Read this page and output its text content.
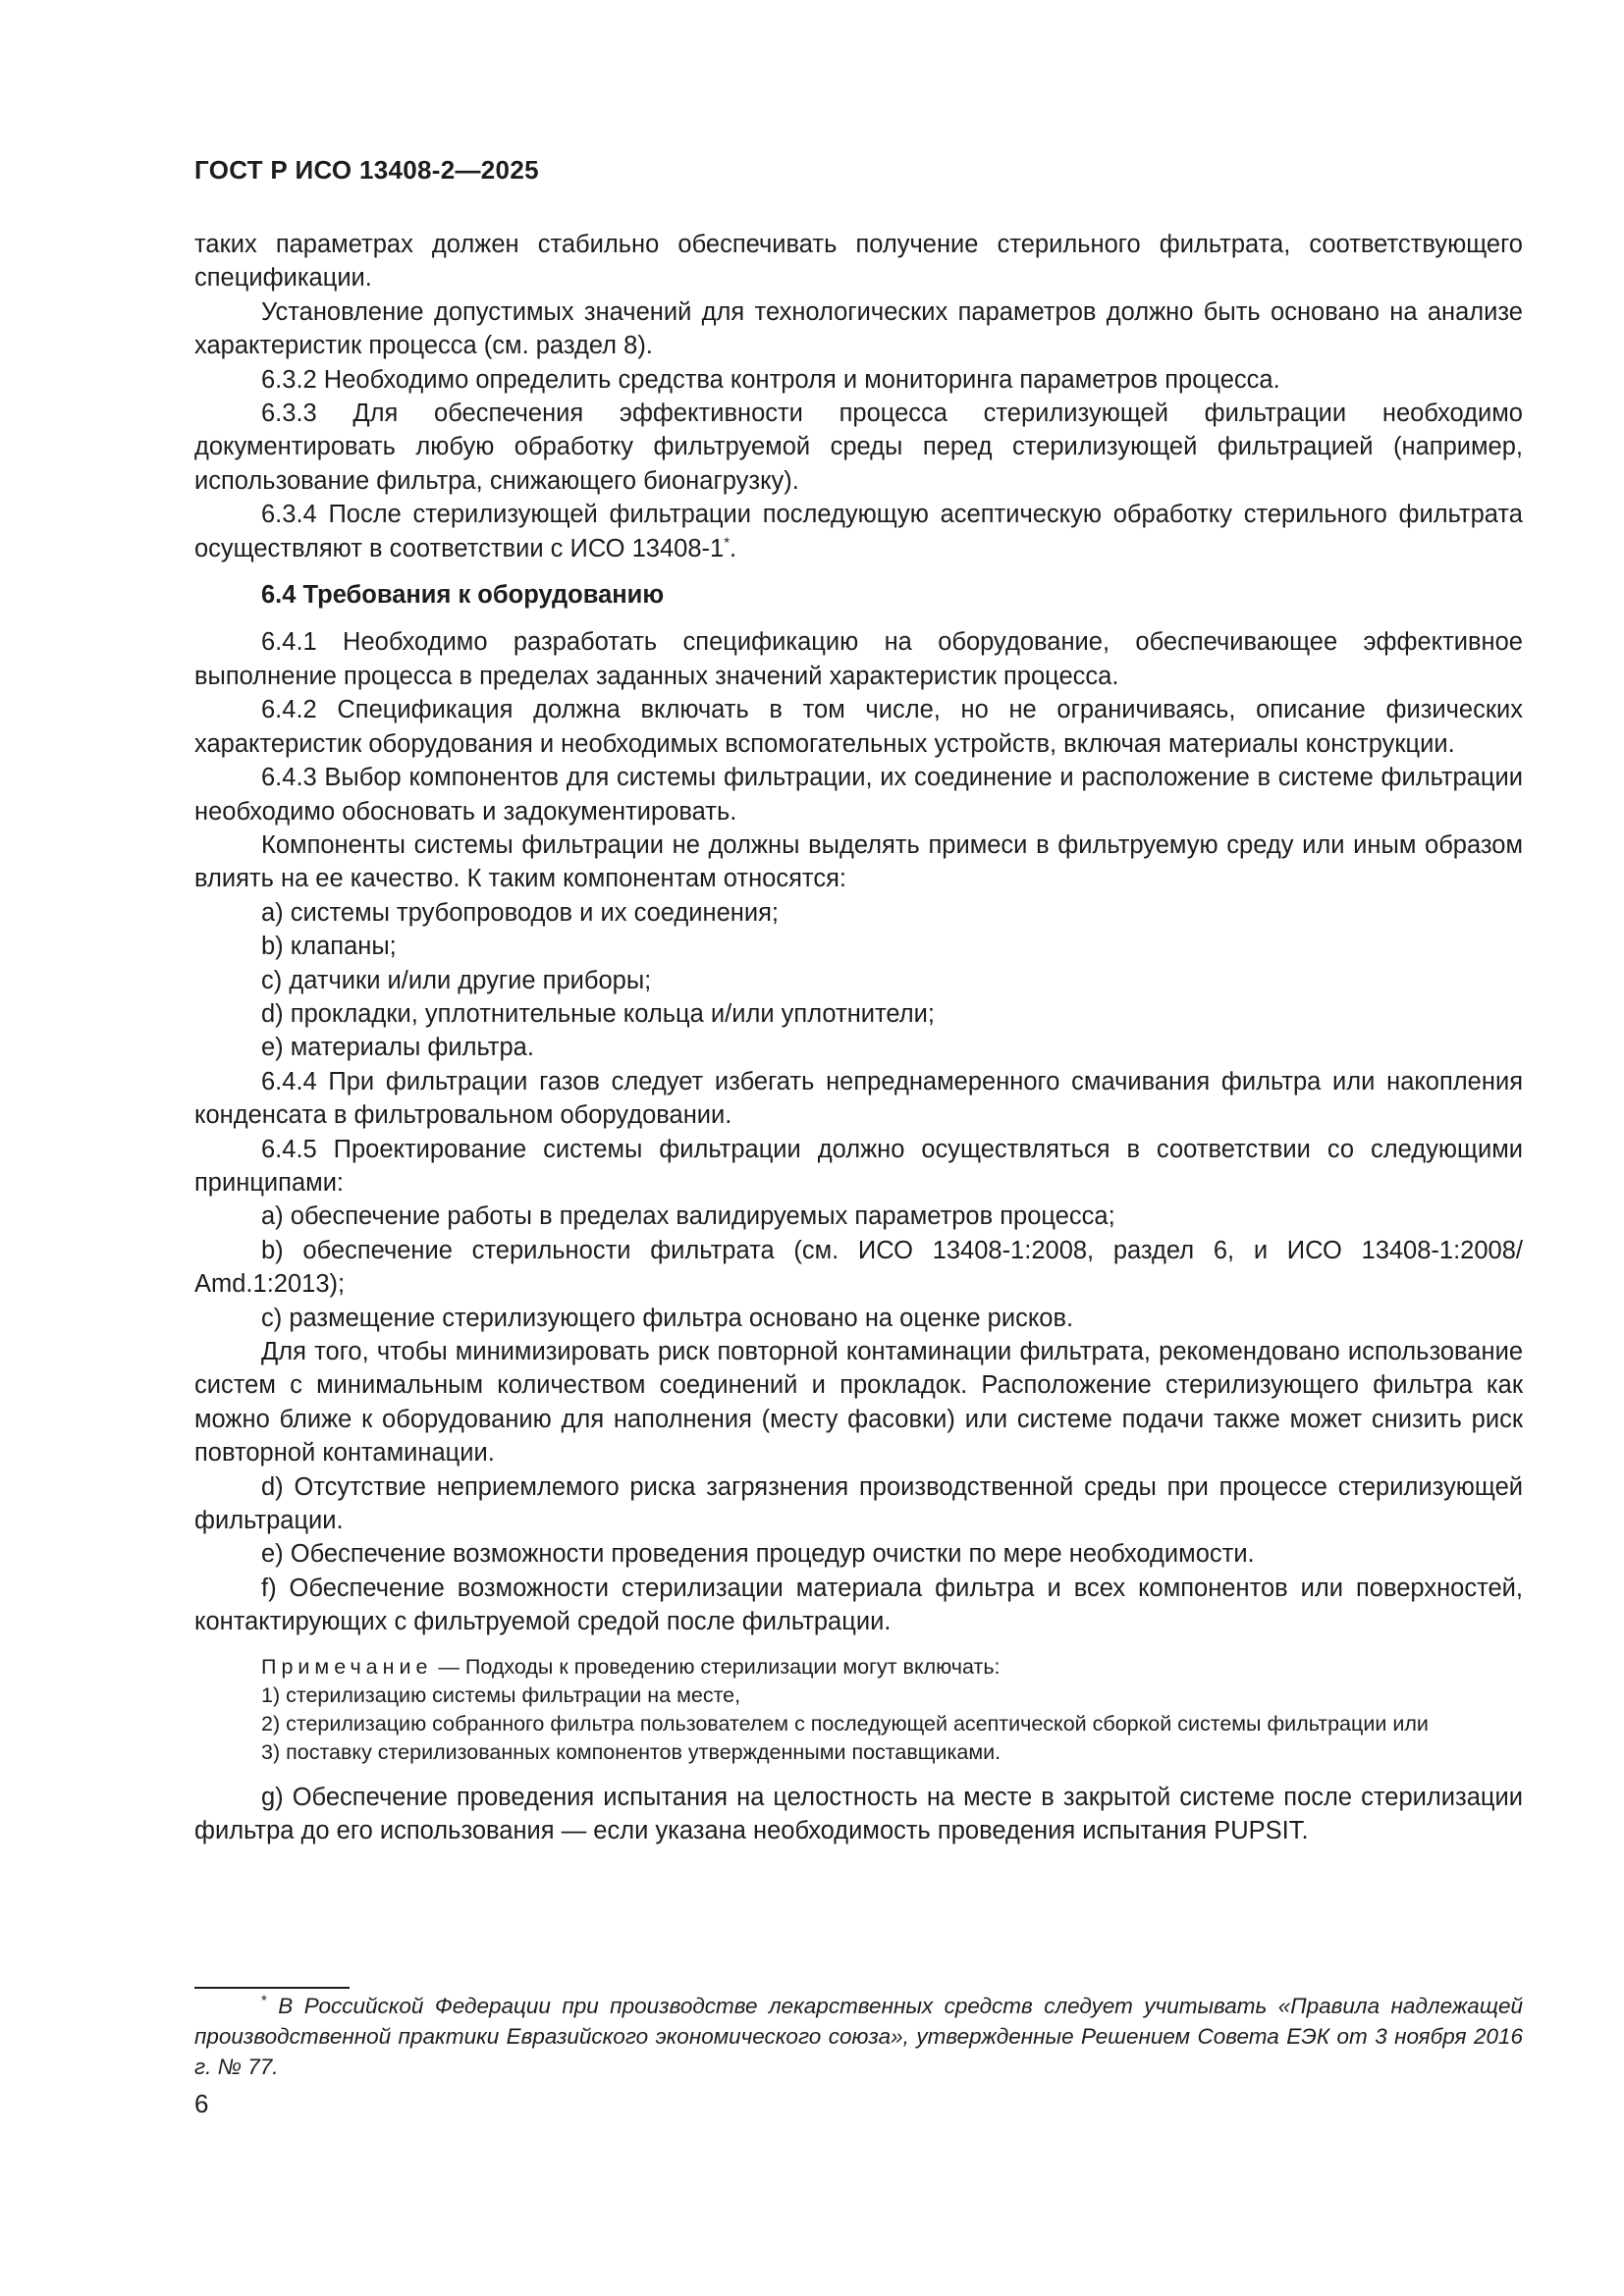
ГОСТ Р ИСО 13408-2—2025

таких параметрах должен стабильно обеспечивать получение стерильного фильтрата, соответствующего спецификации.

Установление допустимых значений для технологических параметров должно быть основано на анализе характеристик процесса (см. раздел 8).

6.3.2 Необходимо определить средства контроля и мониторинга параметров процесса.

6.3.3 Для обеспечения эффективности процесса стерилизующей фильтрации необходимо документировать любую обработку фильтруемой среды перед стерилизующей фильтрацией (например, использование фильтра, снижающего бионагрузку).

6.3.4 После стерилизующей фильтрации последующую асептическую обработку стерильного фильтрата осуществляют в соответствии с ИСО 13408-1*.

6.4 Требования к оборудованию

6.4.1 Необходимо разработать спецификацию на оборудование, обеспечивающее эффективное выполнение процесса в пределах заданных значений характеристик процесса.

6.4.2 Спецификация должна включать в том числе, но не ограничиваясь, описание физических характеристик оборудования и необходимых вспомогательных устройств, включая материалы конструкции.

6.4.3 Выбор компонентов для системы фильтрации, их соединение и расположение в системе фильтрации необходимо обосновать и задокументировать.

Компоненты системы фильтрации не должны выделять примеси в фильтруемую среду или иным образом влиять на ее качество. К таким компонентам относятся:

a) системы трубопроводов и их соединения;

b) клапаны;

c) датчики и/или другие приборы;

d) прокладки, уплотнительные кольца и/или уплотнители;

e) материалы фильтра.

6.4.4 При фильтрации газов следует избегать непреднамеренного смачивания фильтра или накопления конденсата в фильтровальном оборудовании.

6.4.5 Проектирование системы фильтрации должно осуществляться в соответствии со следующими принципами:

a) обеспечение работы в пределах валидируемых параметров процесса;

b) обеспечение стерильности фильтрата (см. ИСО 13408-1:2008, раздел 6, и ИСО 13408-1:2008/ Amd.1:2013);

c) размещение стерилизующего фильтра основано на оценке рисков.

Для того, чтобы минимизировать риск повторной контаминации фильтрата, рекомендовано использование систем с минимальным количеством соединений и прокладок. Расположение стерилизующего фильтра как можно ближе к оборудованию для наполнения (месту фасовки) или системе подачи также может снизить риск повторной контаминации.

d) Отсутствие неприемлемого риска загрязнения производственной среды при процессе стерилизующей фильтрации.

e) Обеспечение возможности проведения процедур очистки по мере необходимости.

f) Обеспечение возможности стерилизации материала фильтра и всех компонентов или поверхностей, контактирующих с фильтруемой средой после фильтрации.

Примечание — Подходы к проведению стерилизации могут включать:

1) стерилизацию системы фильтрации на месте,

2) стерилизацию собранного фильтра пользователем с последующей асептической сборкой системы фильтрации или

3) поставку стерилизованных компонентов утвержденными поставщиками.

g) Обеспечение проведения испытания на целостность на месте в закрытой системе после стерилизации фильтра до его использования — если указана необходимость проведения испытания PUPSIT.

* В Российской Федерации при производстве лекарственных средств следует учитывать «Правила надлежащей производственной практики Евразийского экономического союза», утвержденные Решением Совета ЕЭК от 3 ноября 2016 г. № 77.
6
